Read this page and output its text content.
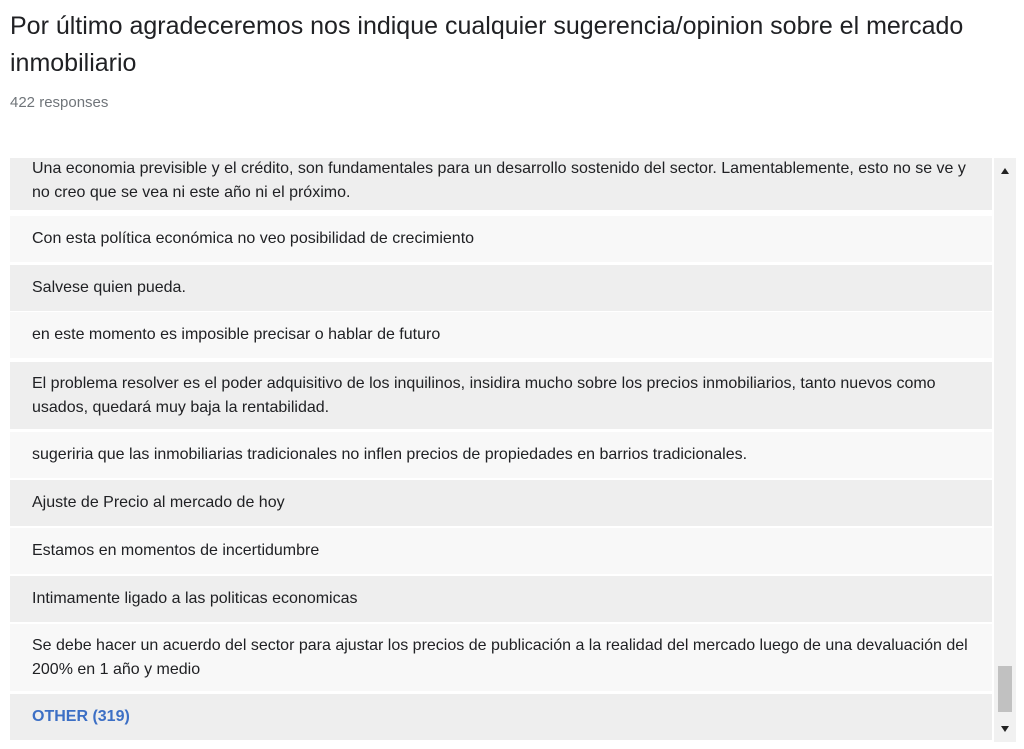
Por último agradeceremos nos indique cualquier sugerencia/opinion sobre el mercado inmobiliario
422 responses
Una economia previsible y el crédito, son fundamentales para un desarrollo sostenido del sector. Lamentablemente, esto no se ve y no creo que se vea ni este año ni el próximo.
Con esta política económica no veo posibilidad de crecimiento
Salvese quien pueda.
en este momento es imposible precisar o hablar de futuro
El problema resolver es el poder adquisitivo de los inquilinos, insidira mucho sobre los precios inmobiliarios, tanto nuevos como usados, quedará muy baja la rentabilidad.
sugeriria que las inmobiliarias tradicionales no inflen precios de propiedades en barrios tradicionales.
Ajuste de Precio al mercado de hoy
Estamos en momentos de incertidumbre
Intimamente ligado a las politicas economicas
Se debe hacer un acuerdo del sector para ajustar los precios de publicación a la realidad del mercado luego de una devaluación del 200% en 1 año y medio
OTHER (319)
